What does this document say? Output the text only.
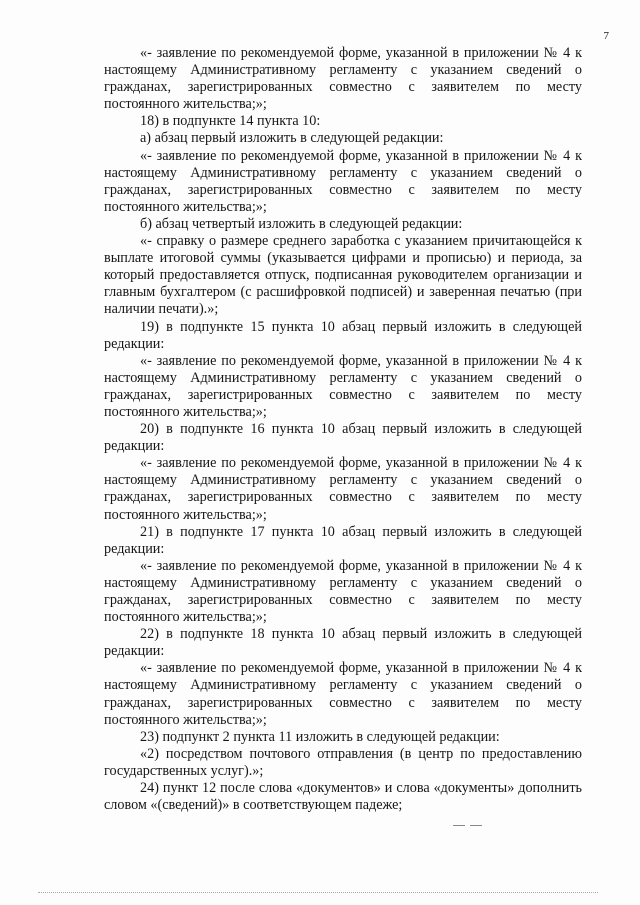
7

«- заявление по рекомендуемой форме, указанной в приложении № 4 к настоящему Административному регламенту с указанием сведений о гражданах, зарегистрированных совместно с заявителем по месту постоянного жительства;»;

18) в подпункте 14 пункта 10:

а) абзац первый изложить в следующей редакции:

«- заявление по рекомендуемой форме, указанной в приложении № 4 к настоящему Административному регламенту с указанием сведений о гражданах, зарегистрированных совместно с заявителем по месту постоянного жительства;»;

б) абзац четвертый изложить в следующей редакции:

«- справку о размере среднего заработка с указанием причитающейся к выплате итоговой суммы (указывается цифрами и прописью) и периода, за который предоставляется отпуск, подписанная руководителем организации и главным бухгалтером (с расшифровкой подписей) и заверенная печатью (при наличии печати).»;

19) в подпункте 15 пункта 10 абзац первый изложить в следующей редакции:

«- заявление по рекомендуемой форме, указанной в приложении № 4 к настоящему Административному регламенту с указанием сведений о гражданах, зарегистрированных совместно с заявителем по месту постоянного жительства;»;

20) в подпункте 16 пункта 10 абзац первый изложить в следующей редакции:

«- заявление по рекомендуемой форме, указанной в приложении № 4 к настоящему Административному регламенту с указанием сведений о гражданах, зарегистрированных совместно с заявителем по месту постоянного жительства;»;

21) в подпункте 17 пункта 10 абзац первый изложить в следующей редакции:

«- заявление по рекомендуемой форме, указанной в приложении № 4 к настоящему Административному регламенту с указанием сведений о гражданах, зарегистрированных совместно с заявителем по месту постоянного жительства;»;

22) в подпункте 18 пункта 10 абзац первый изложить в следующей редакции:

«- заявление по рекомендуемой форме, указанной в приложении № 4 к настоящему Административному регламенту с указанием сведений о гражданах, зарегистрированных совместно с заявителем по месту постоянного жительства;»;

23) подпункт 2 пункта 11 изложить в следующей редакции:

«2) посредством почтового отправления (в центр по предоставлению государственных услуг).»;

24) пункт 12 после слова «документов» и слова «документы» дополнить словом «(сведений)» в соответствующем падеже;
